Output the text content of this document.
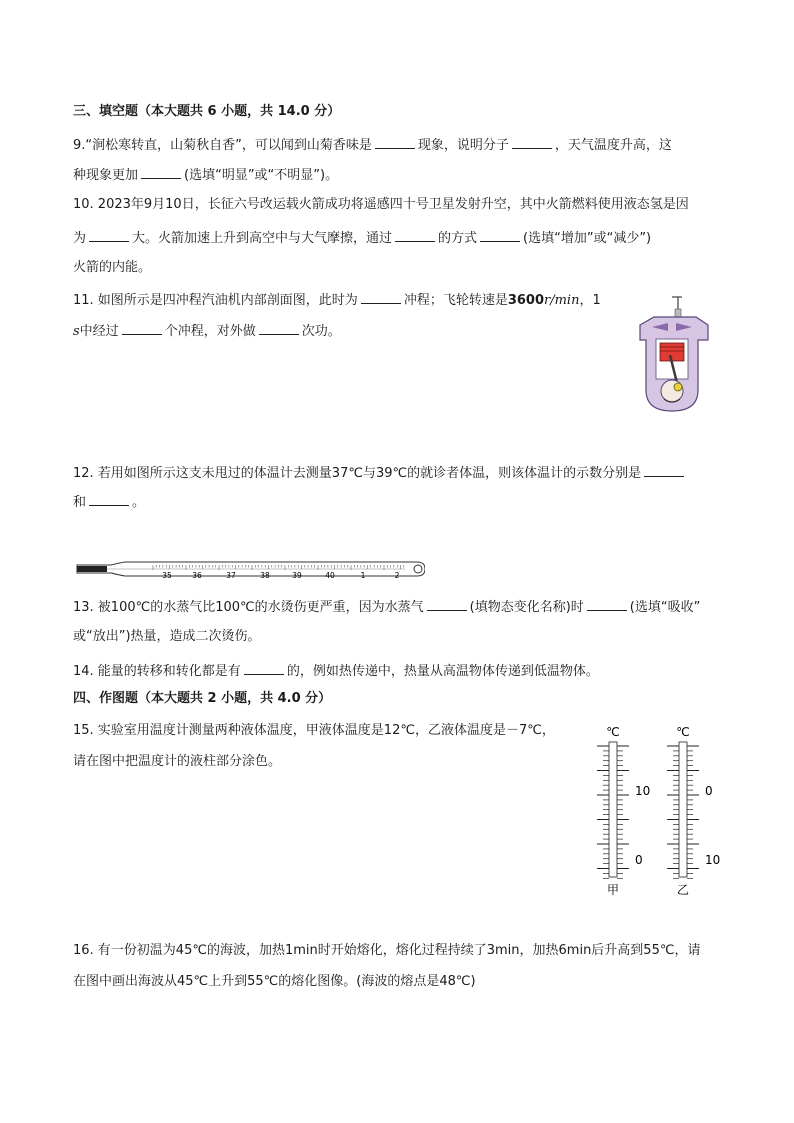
三、填空题（本大题共 6 小题，共 14.0 分）
9.“涧松寒转直，山菊秋自香”，可以闻到山菊香味是	现象，说明分子	，天气温度升高，这
种现象更加	(选填“明显”或“不明显”)。
10. 2023年9月10日，长征六号改运载火箭成功将遥感四十号卫星发射升空，其中火箭燃料使用液态氢是因
为	大。火箭加速上升到高空中与大气摩擦，通过	的方式	(选填“增加”或“减少”)
火箭的内能。
11. 如图所示是四冲程汽油机内部剖面图，此时为	冲程；飞轮转速是3600r/min，1
s中经过	个冲程，对外做	次功。
12. 若用如图所示这支未甩过的体温计去测量37℃与39℃的就诊者体温，则该体温计的示数分别是
和	。
35	36	37	38	39	40	1	2
13. 被100℃的水蒸气比100℃的水烫伤更严重，因为水蒸气	(填物态变化名称)时	(选填“吸收”
或“放出”)热量，造成二次烫伤。
14. 能量的转移和转化都是有	的，例如热传递中，热量从高温物体传递到低温物体。
四、作图题（本大题共 2 小题，共 4.0 分）
15. 实验室用温度计测量两种液体温度，甲液体温度是12℃，乙液体温度是－7℃，
请在图中把温度计的液柱部分涂色。
℃	℃
10
0
0
10
甲	乙
16. 有一份初温为45℃的海波，加热1min时开始熔化，熔化过程持续了3min，加热6min后升高到55℃，请
在图中画出海波从45℃上升到55℃的熔化图像。(海波的熔点是48℃)
